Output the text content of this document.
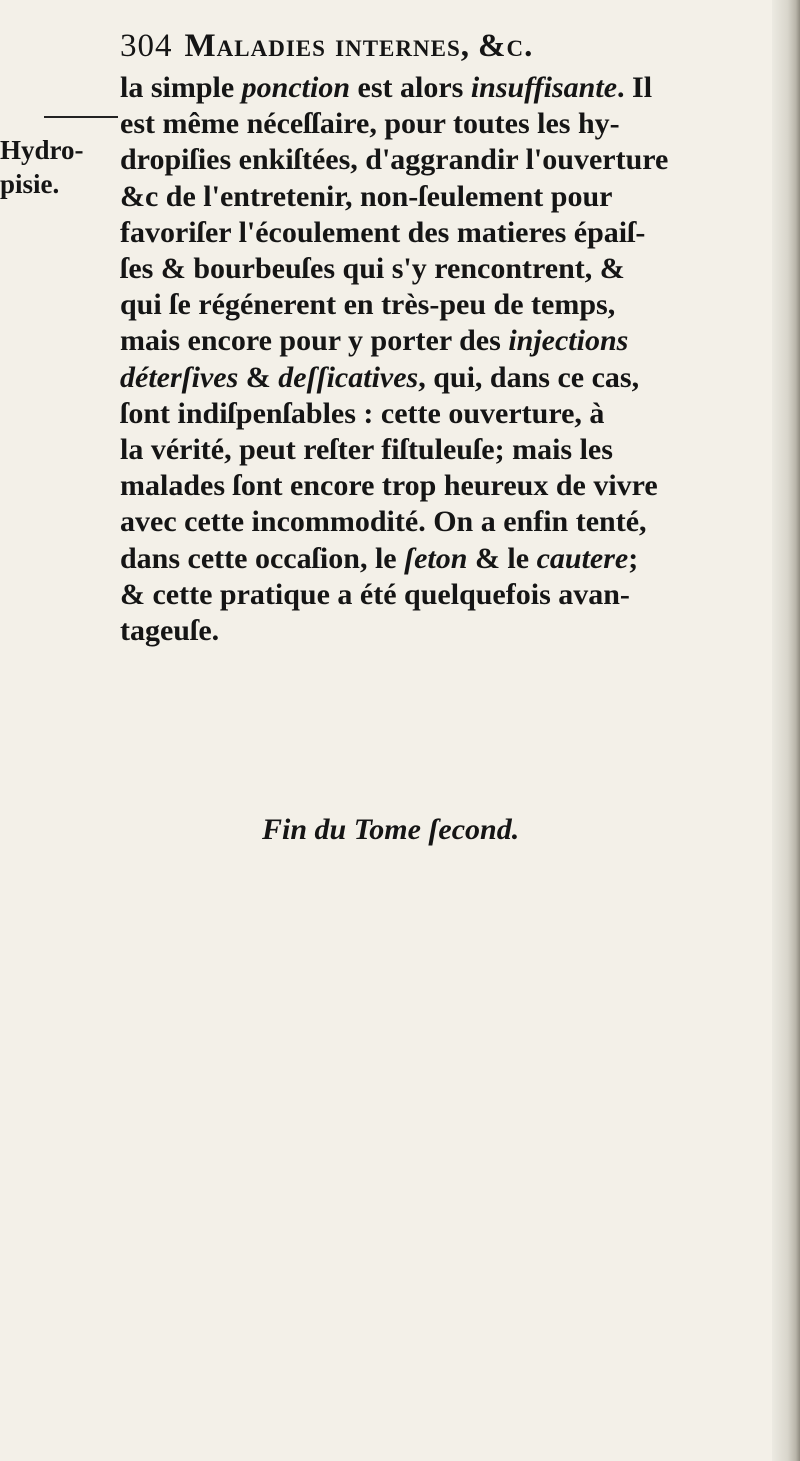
304 Maladies internes, &c.
Hydro-
pisie.
la simple ponction est alors insuffisante. Il
est même néceſſaire, pour toutes les hy-
dropiſies enkiſtées, d'aggrandir l'ouverture
&c de l'entretenir, non-ſeulement pour
favoriſer l'écoulement des matieres épaiſ-
ſes & bourbeuſes qui s'y rencontrent, &
qui ſe régénerent en très-peu de temps,
mais encore pour y porter des injections
déterſives & deſſicatives, qui, dans ce cas,
ſont indiſpenſables : cette ouverture, à
la vérité, peut reſter fiſtuleuſe; mais les
malades ſont encore trop heureux de vivre
avec cette incommodité. On a enfin tenté,
dans cette occaſion, le ſeton & le cautere;
& cette pratique a été quelquefois avan-
tageuſe.
Fin du Tome ſecond.
